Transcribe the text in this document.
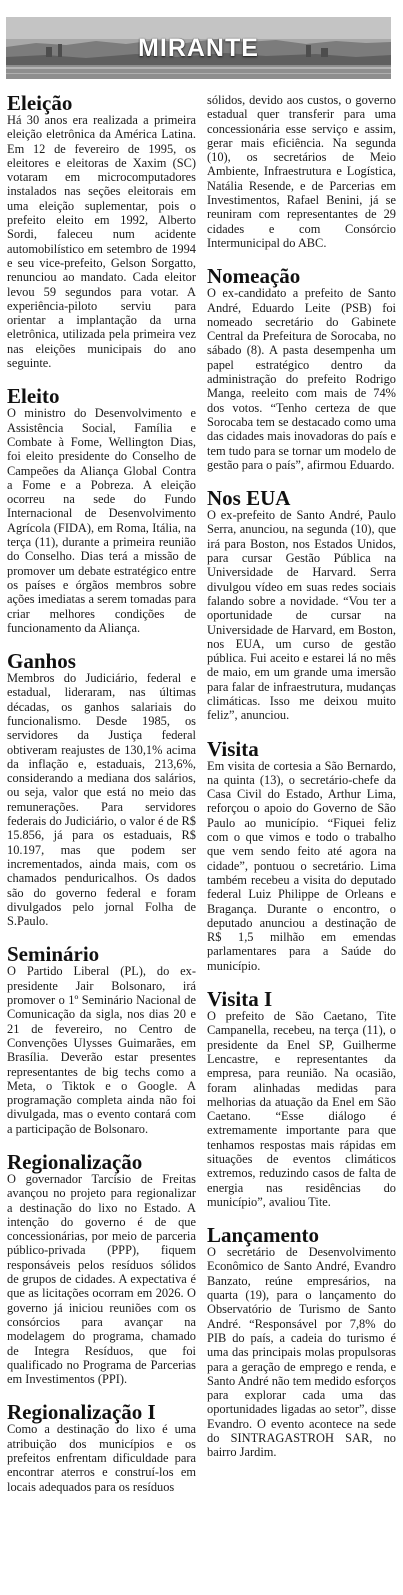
MIRANTE
Eleição

Há 30 anos era realizada a primeira eleição eletrônica da América Latina. Em 12 de fevereiro de 1995, os eleitores e eleitoras de Xaxim (SC) votaram em microcomputadores instalados nas seções eleitorais em uma eleição suplementar, pois o prefeito eleito em 1992, Alberto Sordi, faleceu num acidente automobilístico em setembro de 1994 e seu vice-prefeito, Gelson Sorgatto, renunciou ao mandato. Cada eleitor levou 59 segundos para votar. A experiência-piloto serviu para orientar a implantação da urna eletrônica, utilizada pela primeira vez nas eleições municipais do ano seguinte.

Eleito

O ministro do Desenvolvimento e Assistência Social, Família e Combate à Fome, Wellington Dias, foi eleito presidente do Conselho de Campeões da Aliança Global Contra a Fome e a Pobreza. A eleição ocorreu na sede do Fundo Internacional de Desenvolvimento Agrícola (FIDA), em Roma, Itália, na terça (11), durante a primeira reunião do Conselho. Dias terá a missão de promover um debate estratégico entre os países e órgãos membros sobre ações imediatas a serem tomadas para criar melhores condições de funcionamento da Aliança.

Ganhos

Membros do Judiciário, federal e estadual, lideraram, nas últimas décadas, os ganhos salariais do funcionalismo. Desde 1985, os servidores da Justiça federal obtiveram reajustes de 130,1% acima da inflação e, estaduais, 213,6%, considerando a mediana dos salários, ou seja, valor que está no meio das remunerações. Para servidores federais do Judiciário, o valor é de R$ 15.856, já para os estaduais, R$ 10.197, mas que podem ser incrementados, ainda mais, com os chamados penduricalhos. Os dados são do governo federal e foram divulgados pelo jornal Folha de S.Paulo.

Seminário

O Partido Liberal (PL), do ex-presidente Jair Bolsonaro, irá promover o 1º Seminário Nacional de Comunicação da sigla, nos dias 20 e 21 de fevereiro, no Centro de Convenções Ulysses Guimarães, em Brasília. Deverão estar presentes representantes de big techs como a Meta, o Tiktok e o Google. A programação completa ainda não foi divulgada, mas o evento contará com a participação de Bolsonaro.

Regionalização

O governador Tarcísio de Freitas avançou no projeto para regionalizar a destinação do lixo no Estado. A intenção do governo é de que concessionárias, por meio de parceria público-privada (PPP), fiquem responsáveis pelos resíduos sólidos de grupos de cidades. A expectativa é que as licitações ocorram em 2026. O governo já iniciou reuniões com os consórcios para avançar na modelagem do programa, chamado de Integra Resíduos, que foi qualificado no Programa de Parcerias em Investimentos (PPI).

Regionalização I

Como a destinação do lixo é uma atribuição dos municípios e os prefeitos enfrentam dificuldade para encontrar aterros e construí-los em locais adequados para os resíduos

sólidos, devido aos custos, o governo estadual quer transferir para uma concessionária esse serviço e assim, gerar mais eficiência. Na segunda (10), os secretários de Meio Ambiente, Infraestrutura e Logística, Natália Resende, e de Parcerias em Investimentos, Rafael Benini, já se reuniram com representantes de 29 cidades e com Consórcio Intermunicipal do ABC.

Nomeação

O ex-candidato a prefeito de Santo André, Eduardo Leite (PSB) foi nomeado secretário do Gabinete Central da Prefeitura de Sorocaba, no sábado (8). A pasta desempenha um papel estratégico dentro da administração do prefeito Rodrigo Manga, reeleito com mais de 74% dos votos. “Tenho certeza de que Sorocaba tem se destacado como uma das cidades mais inovadoras do país e tem tudo para se tornar um modelo de gestão para o país”, afirmou Eduardo.

Nos EUA

O ex-prefeito de Santo André, Paulo Serra, anunciou, na segunda (10), que irá para Boston, nos Estados Unidos, para cursar Gestão Pública na Universidade de Harvard. Serra divulgou vídeo em suas redes sociais falando sobre a novidade. “Vou ter a oportunidade de cursar na Universidade de Harvard, em Boston, nos EUA, um curso de gestão pública. Fui aceito e estarei lá no mês de maio, em um grande uma imersão para falar de infraestrutura, mudanças climáticas. Isso me deixou muito feliz”, anunciou.

Visita

Em visita de cortesia a São Bernardo, na quinta (13), o secretário-chefe da Casa Civil do Estado, Arthur Lima, reforçou o apoio do Governo de São Paulo ao município. “Fiquei feliz com o que vimos e todo o trabalho que vem sendo feito até agora na cidade”, pontuou o secretário. Lima também recebeu a visita do deputado federal Luiz Philippe de Orleans e Bragança. Durante o encontro, o deputado anunciou a destinação de R$ 1,5 milhão em emendas parlamentares para a Saúde do município.

Visita I

O prefeito de São Caetano, Tite Campanella, recebeu, na terça (11), o presidente da Enel SP, Guilherme Lencastre, e representantes da empresa, para reunião. Na ocasião, foram alinhadas medidas para melhorias da atuação da Enel em São Caetano. “Esse diálogo é extremamente importante para que tenhamos respostas mais rápidas em situações de eventos climáticos extremos, reduzindo casos de falta de energia nas residências do município”, avaliou Tite.

Lançamento

O secretário de Desenvolvimento Econômico de Santo André, Evandro Banzato, reúne empresários, na quarta (19), para o lançamento do Observatório de Turismo de Santo André. “Responsável por 7,8% do PIB do país, a cadeia do turismo é uma das principais molas propulsoras para a geração de emprego e renda, e Santo André não tem medido esforços para explorar cada uma das oportunidades ligadas ao setor”, disse Evandro. O evento acontece na sede do SINTRAGASTROH SAR, no bairro Jardim.
